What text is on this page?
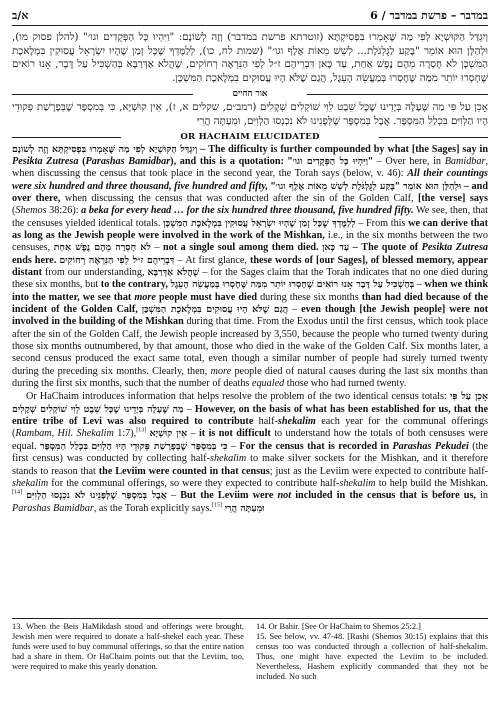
א/ב	במדבר – פרשת במדבר / 6
וְיִגְדַּל הַקּוּשְׁיָא לְפִי מַה שֶּׁאָמְרוּ בִּפְסִיקְתָּא (זוטרתא פרשת במדבר) וְזֶה לְשׁוֹנָם: "וַיִּהְיוּ כָּל הַפְּקֻדִים וגו׳" (להלן פסוק מו), וּלְהַלָּן הוּא אוֹמֵר "בֶּקַע לַגֻּלְגֹּלֶת... לְשֵׁשׁ מֵאוֹת אֶלֶף וגו׳" (שמות לח, כו), לְלַמֶּדְךָ שֶׁכָּל זְמַן שֶׁהָיוּ יִשְׂרָאֵל עֲסוּקִין בִּמְלֶאכֶת הַמִּשְׁכָּן לֹא חָסְרָה מֵהֶם נֶפֶשׁ אַחַת, עַד כָּאן דִּבְרֵיהֶם ז״ל לְפִי הַנִּרְאֶה רְחוֹקִים, שֶׁהֲלֹא אַדְּרַבָּא בְּהַשְׁכִּיל עַל דָּבָר, אָנוּ רוֹאִים שֶׁחָסְרוּ יוֹתֵר מִמַּה שֶּׁחָסְרוּ בְּמַעֲשֵׂה הָעֵגֶל, הֲגַם שֶׁלֹּא הָיוּ עֲסוּקִים בִּמְלֶאכֶת הַמִּשְׁכָּן.
אור החיים
אָכֵן עַל פִּי מַה שֶּׁעָלָה בְּיָדֵינוּ שֶׁכָּל שֵׁבֶט לֵוִי שׁוֹקְלִים שְׁקָלִים (רמב״ם, שקלים א, ז), אֵין קוּשְׁיָא, כִּי בְּמִסְפָּר שֶׁבְּפָרָשַׁת פְּקוּדֵי הָיוּ הַלְוִיִּם בִּכְלַל הַמִּסְפָּר. אֲבָל בְּמִסְפָּר שֶׁלְּפָנֵינוּ לֹא נִכְנְסוּ הַלְוִיִּם, וּמֵעַתָּה הֲרֵי
OR HACHAIM ELUCIDATED

וְיִגְדַּל הַקּוּשְׁיָא לְפִי מַה שֶּׁאָמְרוּ בִּפְסִיקְתָּא וְזֶה לְשׁוֹנָם – The difficulty is further compounded by what [the Sages] say in Pesikta Zutresa (Parashas Bamidbar), and this is a quotation: "וַיִּהְיוּ כָּל הַפְּקֻדִים וגו׳" – Over here, in Bamidbar, when discussing the census that took place in the second year, the Torah says (below, v. 46): All their countings were six hundred and three thousand, five hundred and fifty, וּלְהַלָּן הוּא אוֹמֵר "בֶּקַע לַגֻּלְגֹּלֶת לְשֵׁשׁ מֵאוֹת אֶלֶף וגו׳" – and over there, when discussing the census that was conducted after the sin of the Golden Calf, [the verse] says (Shemos 38:26): a beka for every head … for the six hundred three thousand, five hundred fifty. We see, then, that the censuses yielded identical totals. לְלַמֶּדְךָ שֶׁכָּל זְמַן שֶׁהָיוּ יִשְׂרָאֵל עֲסוּקִין בִּמְלֶאכֶת הַמִּשְׁכָּן – From this we can derive that as long as the Jewish people were involved in the work of the Mishkan, i.e., in the six months between the two censuses, לֹא חָסְרָה מֵהֶם נֶפֶשׁ אַחַת – not a single soul among them died. עַד כָּאן – The quote of Pesikta Zutresa ends here. דִּבְרֵיהֶם ז״ל לְפִי הַנִּרְאֶה רְחוֹקִים – At first glance, these words of [our Sages], of blessed memory, appear distant from our understanding, שֶׁהֲלֹא אַדְּרַבָּא – for the Sages claim that the Torah indicates that no one died during these six months, but to the contrary, בְּהַשְׁכִּיל עַל דָּבָר אָנוּ רוֹאִים שֶׁחָסְרוּ יוֹתֵר מִמַּה שֶּׁחָסְרוּ בְּמַעֲשֵׂה הָעֵגֶל – when we think into the matter, we see that more people must have died during these six months than had died because of the incident of the Golden Calf, הֲגַם שֶׁלֹּא הָיוּ עֲסוּקִים בִּמְלֶאכֶת הַמִּשְׁכָּן – even though [the Jewish people] were not involved in the building of the Mishkan during that time. From the Exodus until the first census, which took place after the sin of the Golden Calf, the Jewish people increased by 3,550, because the people who turned twenty during those six months outnumbered, by that amount, those who died in the wake of the Golden Calf. Six months later, a second census produced the exact same total, even though a similar number of people had surely turned twenty during the preceding six months. Clearly, then, more people died of natural causes during the last six months than during the first six months, such that the number of deaths equaled those who had turned twenty.

Or HaChaim introduces information that helps resolve the problem of the two identical census totals: אָכֵן עַל פִּי מַה שֶּׁעָלָה בְּיָדֵינוּ שֶׁכָּל שֵׁבֶט לֵוִי שׁוֹקְלִים שְׁקָלִים – However, on the basis of what has been established for us, that the entire tribe of Levi was also required to contribute half-shekalim each year for the communal offerings (Rambam, Hil. Shekalim 1:7),[13] אֵין קוּשְׁיָא – it is not difficult to understand how the totals of both censuses were equal.	כִּי בְּמִסְפָּר שֶׁבְּפָרָשַׁת פְּקוּדֵי הָיוּ הַלְוִיִּם בִּכְלַל הַמִּסְפָּר	– For the census that is recorded in Parashas Pekudei (the first census) was conducted by collecting half-shekalim to make silver sockets for the Mishkan, and it therefore stands to reason that the Leviim were counted in that census; just as the Leviim were expected to contribute half-shekalim for the communal offerings, so were they expected to contribute half-shekalim to help build the Mishkan.[14] אֲבָל בְּמִסְפָּר שֶׁלְּפָנֵינוּ לֹא נִכְנְסוּ הַלְוִיִּם – But the Leviim were not included in the census that is before us, in Parashas Bamidbar, as the Torah explicitly says.[15] וּמֵעַתָּה הֲרֵי

13. When the Beis HaMikdash stood and offerings were brought, Jewish men were required to donate a half-shekel each year. These funds were used to buy communal offerings, so that the entire nation had a share in them. Or HaChaim points out that the Leviim, too, were required to make this yearly donation.
14. Or Bahir. [See Or HaChaim to Shemos 25:2.]
15. See below, vv. 47-48. [Rashi (Shemos 30:15) explains that this census too was conducted through a collection of half-shekalim. Thus, one might have expected the Leviim to be included. Nevertheless, Hashem explicitly commanded that they not be included. No such
